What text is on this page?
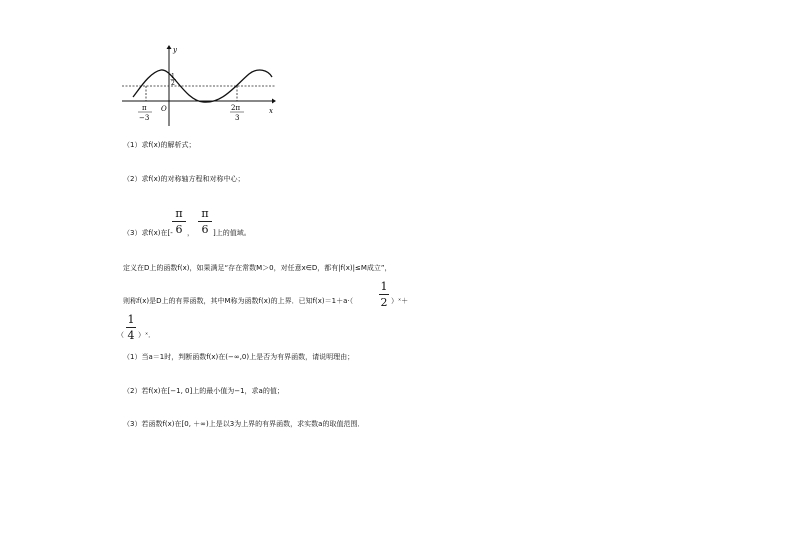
y
x
O
1
2
π
−3
2π
3
（1）求f(x)的解析式；
（2）求f(x)的对称轴方程和对称中心；
（3）求f(x)在[-
π
6 ，
π
6 ]上的值域。
定义在D上的函数f(x)，如果满足“存在常数M＞0，对任意x∈D，都有|f(x)|≤M成立”，
则称f(x)是D上的有界函数，其中M称为函数f(x)的上界．已知f(x)＝1＋a·（
1
2 ）ˣ＋
（
1
4 ）ˣ．
（1）当a＝1时，判断函数f(x)在(−∞,0)上是否为有界函数，请说明理由；
（2）若f(x)在[−1, 0]上的最小值为−1，求a的值；
（3）若函数f(x)在[0, ＋∞)上是以3为上界的有界函数，求实数a的取值范围．
